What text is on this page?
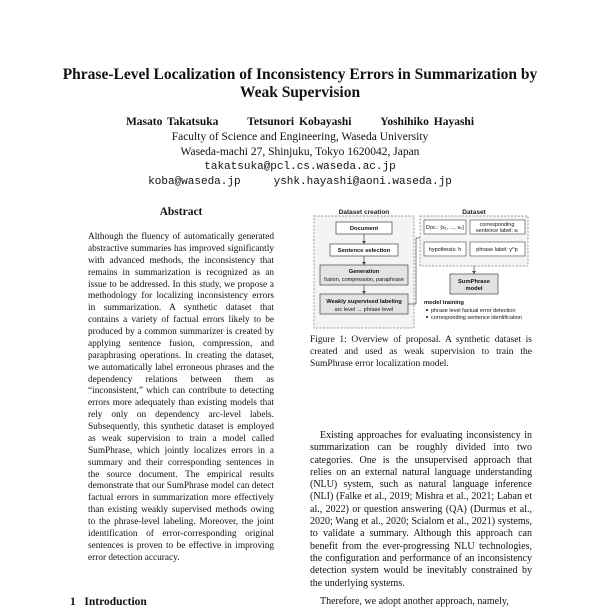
Phrase-Level Localization of Inconsistency Errors in Summarization by
Weak Supervision
Masato Takatsuka	Tetsunori Kobayashi	Yoshihiko Hayashi
Faculty of Science and Engineering, Waseda University
Waseda-machi 27, Shinjuku, Tokyo 1620042, Japan
takatsuka@pcl.cs.waseda.ac.jp
koba@waseda.jp     yshk.hayashi@aoni.waseda.jp
Abstract
Although the fluency of automatically generated abstractive summaries has improved significantly with advanced methods, the inconsistency that remains in summarization is recognized as an issue to be addressed. In this study, we propose a methodology for localizing inconsistency errors in summarization. A synthetic dataset that contains a variety of factual errors likely to be produced by a common summarizer is created by applying sentence fusion, compression, and paraphrasing operations. In creating the dataset, we automatically label erroneous phrases and the dependency relations between them as “inconsistent,” which can contribute to detecting errors more adequately than existing models that rely only on dependency arc-level labels. Subsequently, this synthetic dataset is employed as weak supervision to train a model called SumPhrase, which jointly localizes errors in a summary and their corresponding sentences in the source document. The empirical results demonstrate that our SumPhrase model can detect factual errors in summarization more effectively than existing weakly supervised methods owing to the phrase-level labeling. Moreover, the joint identification of error-corresponding original sentences is proven to be effective in improving error detection accuracy.
Dataset creation
Document
Sentence selection
Generation
fusion, compression, paraphrase
Weakly supervised labeling
arc level → phrase level
Dataset
Doc.: {s₁, ..., sₙ}	corresponding
sentence label: sⱼ
hypothesis: h	phrase label: y^p
SumPhrase
model
model training
phrase level factual error detection
corresponding sentence identification
Figure 1: Overview of proposal. A synthetic dataset is created and used as weak supervision to train the SumPhrase error localization model.
Existing approaches for evaluating inconsistency in summarization can be roughly divided into two categories. One is the unsupervised approach that relies on an external natural language understanding (NLU) system, such as natural language inference (NLI) (Falke et al., 2019; Mishra et al., 2021; Laban et al., 2022) or question answering (QA) (Durmus et al., 2020; Wang et al., 2020; Scialom et al., 2021) systems, to validate a summary. Although this approach can benefit from the ever-progressing NLU technologies, the configuration and performance of an inconsistency detection system would be inevitably constrained by the underlying systems.
1   Introduction	Therefore, we adopt another approach, namely,
